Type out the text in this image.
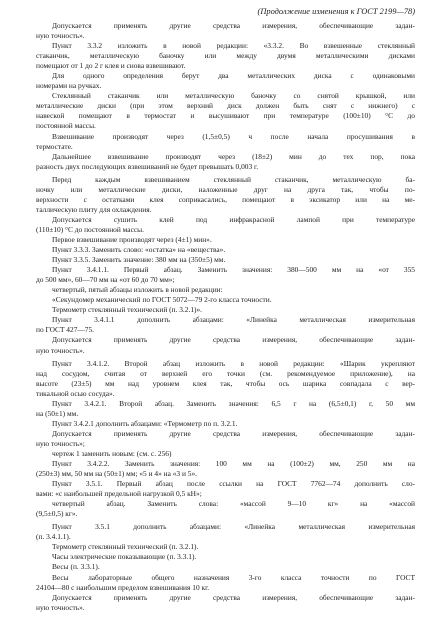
(Продолжение изменения к ГОСТ 2199—78)
Допускается применять другие средства измерения, обеспечивающие задан-
ную точность».
Пункт 3.3.2 изложить в новой редакции: «3.3.2. Во взвешенные стеклянный
стаканчик, металлическую баночку или между двумя металлическими дисками
помещают от 1 до 2 г клея и снова взвешивают.
Для одного определения берут два металлических диска с одинаковыми
номерами на ручках.
Стеклянный стаканчик или металлическую баночку со снятой крышкой, или
металлические диски (при этом верхний диск должен быть снят с нижнего) с
навеской помещают в термостат и высушивают при температуре (100±10) °С до
постоянной массы.
Взвешивание производят через (1,5±0,5) ч после начала просушивания в
термостате.
Дальнейшее взвешивание производят через (18±2) мин до тех пор, пока
разность двух последующих взвешиваний не будет превышать 0,003 г.
Перед каждым взвешиванием стеклянный стаканчик, металлическую ба-
ночку или металлические диски, наложенные друг на друга так, чтобы по-
верхности с остатками клея соприкасались, помещают в эксикатор или на ме-
таллическую плиту для охлаждения.
Допускается сушить клей под инфракрасной лампой при температуре
(110±10) °С до постоянной массы.
Первое взвешивание производят через (4±1) мин».
Пункт 3.3.3. Заменить слово: «остатка» на «вещества».
Пункт 3.3.5. Заменить значение: 380 мм на (350±5) мм.
Пункт 3.4.1.1. Первый абзац. Заменить значения: 380—500 мм на «от 355
до 500 мм», 60—70 мм на «от 60 до 70 мм»;
четвертый, пятый абзацы изложить в новой редакции:
«Секундомер механический по ГОСТ 5072—79 2-го класса точности.
Термометр стеклянный технический (п. 3.2.1)».
Пункт 3.4.1.1 дополнить абзацами: «Линейка металлическая измерительная
по ГОСТ 427—75.
Допускается применять другие средства измерения, обеспечивающие задан-
ную точность».
Пункт 3.4.1.2. Второй абзац изложить в новой редакции: «Шарик укрепляют
над сосудом, считая от верхней его точки (см. рекомендуемое приложение), на
высоте (23±5) мм над уровнем клея так, чтобы ось шарика совпадала с вер-
тикальной осью сосуда».
Пункт 3.4.2.1. Второй абзац. Заменить значения: 6,5 г на (6,5±0,1) г, 50 мм
на (50±1) мм.
Пункт 3.4.2.1 дополнить абзацами: «Термометр по п. 3.2.1.
Допускается применять другие средства измерения, обеспечивающие задан-
ную точность»;
чертеж 1 заменить новым: (см. с. 256)
Пункт 3.4.2.2. Заменить значения: 100 мм на (100±2) мм, 250 мм на
(250±3) мм, 50 мм на (50±1) мм; «5 и 4» на «3 и 5».
Пункт 3.5.1. Первый абзац после ссылки на ГОСТ 7762—74 дополнить сло-
вами: «с наибольшей предельной нагрузкой 0,5 кН»;
четвертый абзац. Заменить слова: «массой 9—10 кг» на «массой
(9,5±0,5) кг».
Пункт 3.5.1 дополнить абзацами: «Линейка металлическая измерительная
(п. 3.4.1.1).
Термометр стеклянный технический (п. 3.2.1).
Часы электрические показывающие (п. 3.3.1).
Весы (п. 3.3.1).
Весы лабораторные общего назначения 3-го класса точности по ГОСТ
24104—80 с наибольшим пределом взвешивания 10 кг.
Допускается применять другие средства измерения, обеспечивающие задан-
ную точность».
